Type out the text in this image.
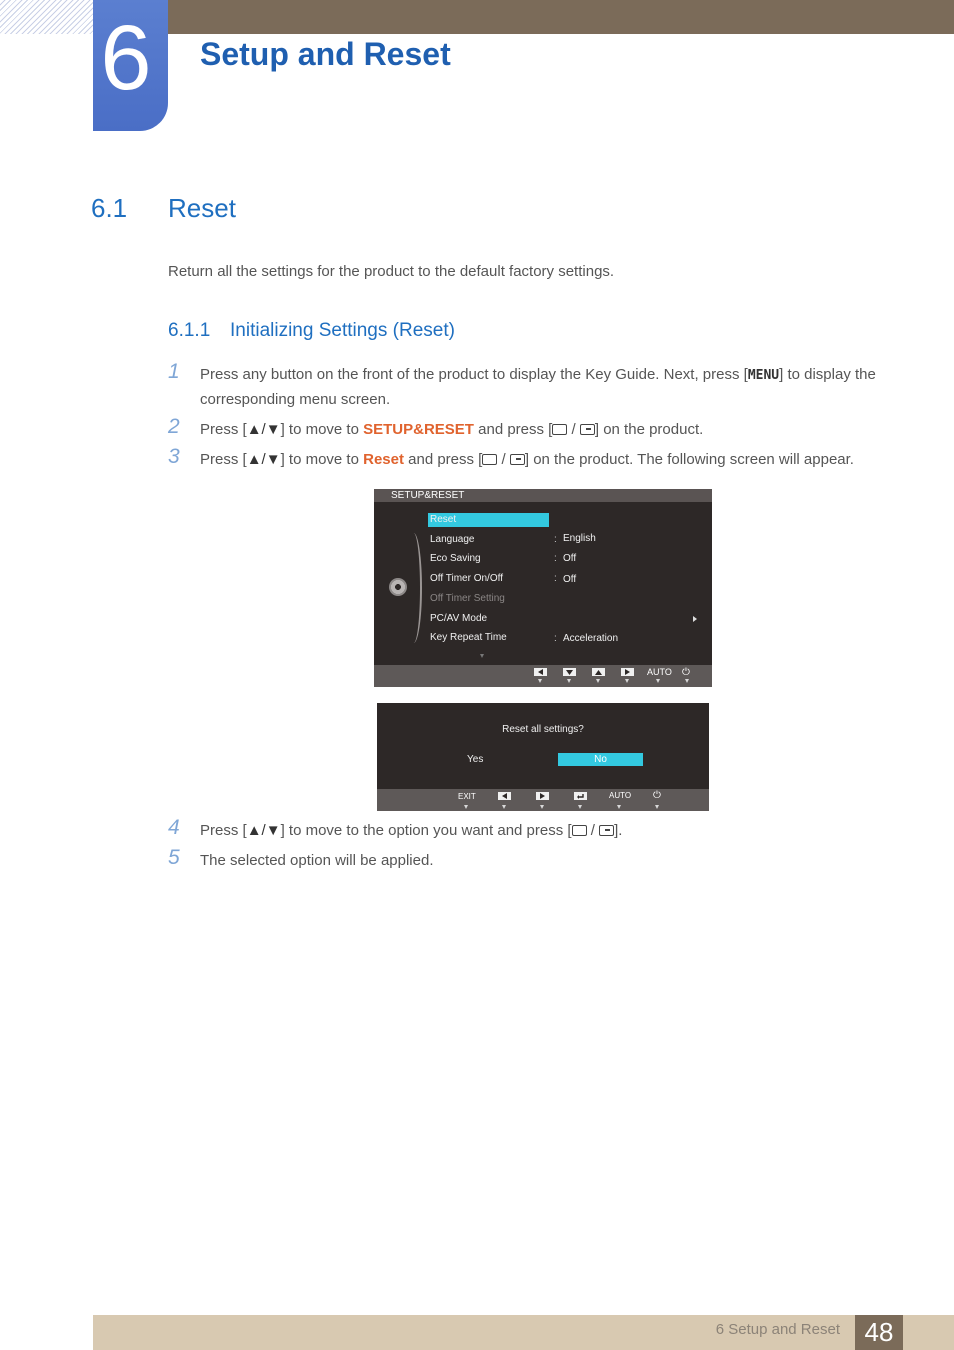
6 Setup and Reset
6.1 Reset
Return all the settings for the product to the default factory settings.
6.1.1 Initializing Settings (Reset)
1 Press any button on the front of the product to display the Key Guide. Next, press [MENU] to display the corresponding menu screen.
2 Press [▲/▼] to move to SETUP&RESET and press [ / ] on the product.
3 Press [▲/▼] to move to Reset and press [ / ] on the product. The following screen will appear.
SETUP&RESET
Reset
Language	: English
Eco Saving	: Off
Off Timer On/Off	: Off
Off Timer Setting
PC/AV Mode
Key Repeat Time	: Acceleration
AUTO ⏻
Reset all settings?
Yes	No
EXIT	AUTO ⏻
4 Press [▲/▼] to move to the option you want and press [ / ].
5 The selected option will be applied.
6 Setup and Reset 48
